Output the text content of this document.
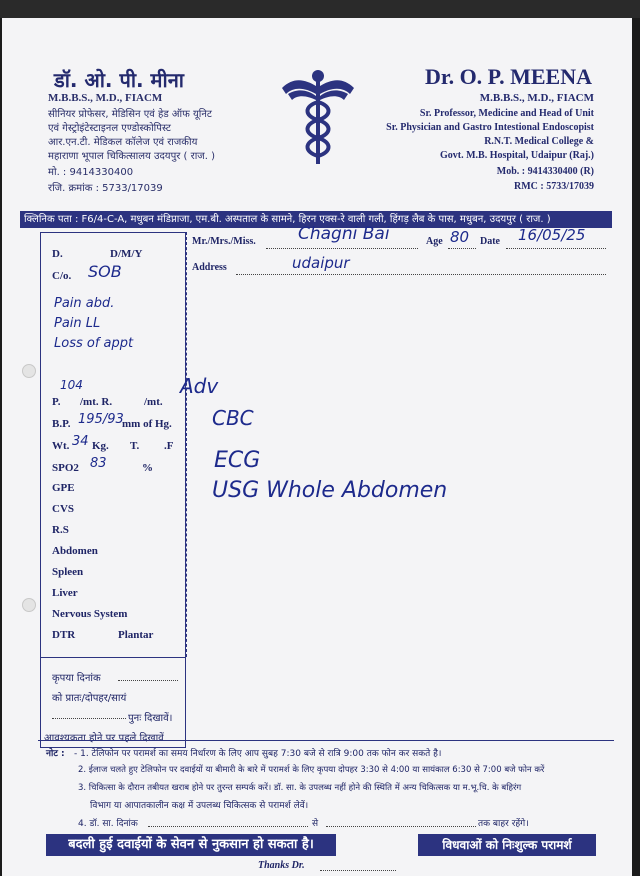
डॉ. ओ. पी. मीना
M.B.B.S., M.D., FIACM
सीनियर प्रोफेसर, मेडिसिन एवं हेड ऑफ यूनिट
एवं गेस्ट्रोइंटेस्टाइनल एण्डोस्कोपिस्ट
आर.एन.टी. मेडिकल कॉलेज एवं राजकीय
महाराणा भूपाल चिकित्सालय उदयपुर ( राज. )
मो. : 9414330400
रजि. क्रमांक : 5733/17039
Dr. O. P. MEENA
M.B.B.S., M.D., FIACM
Sr. Professor, Medicine and Head of Unit
Sr. Physician and Gastro Intestional Endoscopist
R.N.T. Medical College &
Govt. M.B. Hospital, Udaipur (Raj.)
Mob. : 9414330400 (R)
RMC : 5733/17039
क्लिनिक पता : F6/4-C-A, मधुबन मंडिप्नाजा, एम.बी. अस्पताल के सामने, हिरन एक्स-रे वाली गली, हिंगड़ लैब के पास, मधुबन, उदयपुर ( राज. )
D.	D/M/Y
C/o. SOB
Pain abd.
Pain LL
Loss of appt
104
P. /mt. R.	/mt.
B.P. 195/93
mm of Hg.
Wt. 34 Kg. T. .F
SPO2 83	%
GPE
CVS
R.S
Abdomen
Spleen
Liver
Nervous System
DTR	Plantar
कृपया दिनांक
को प्रातः/दोपहर/सायं
पुनः दिखावें।
आवश्यकता होने पर पहले दिखावें
Mr./Mrs./Miss. Chagni Bai	Age 80 Date 16/05/25
Address	udaipur
Adv
CBC
ECG
USG Whole Abdomen
नोट : - 1. टेलिफोन पर परामर्श का समय निर्धारण के लिए आप सुबह 7:30 बजे से रात्रि 9:00 तक फोन कर सकते है।
2. ईलाज चलते हुए टेलिफोन पर दवाईयों या बीमारी के बारे में परामर्श के लिए कृपया दोपहर 3:30 से 4:00 या सायंकाल 6:30 से 7:00 बजे फोन करें
3. चिकित्सा के दौरान तबीयत खराब होने पर तुरन्त सम्पर्क करें। डॉ. सा. के उपलब्ध नहीं होने की स्थिति में अन्य चिकित्सक या म.भू.चि. के बहिरंग
विभाग या आपातकालीन कक्ष में उपलब्ध चिकित्सक से परामर्श लेवें।
4. डॉ. सा. दिनांक	से	तक बाहर रहेंगे।
बदली हुई दवाईयों के सेवन से नुकसान हो सकता है।	विधवाओं को निःशुल्क परामर्श
Thanks Dr.
